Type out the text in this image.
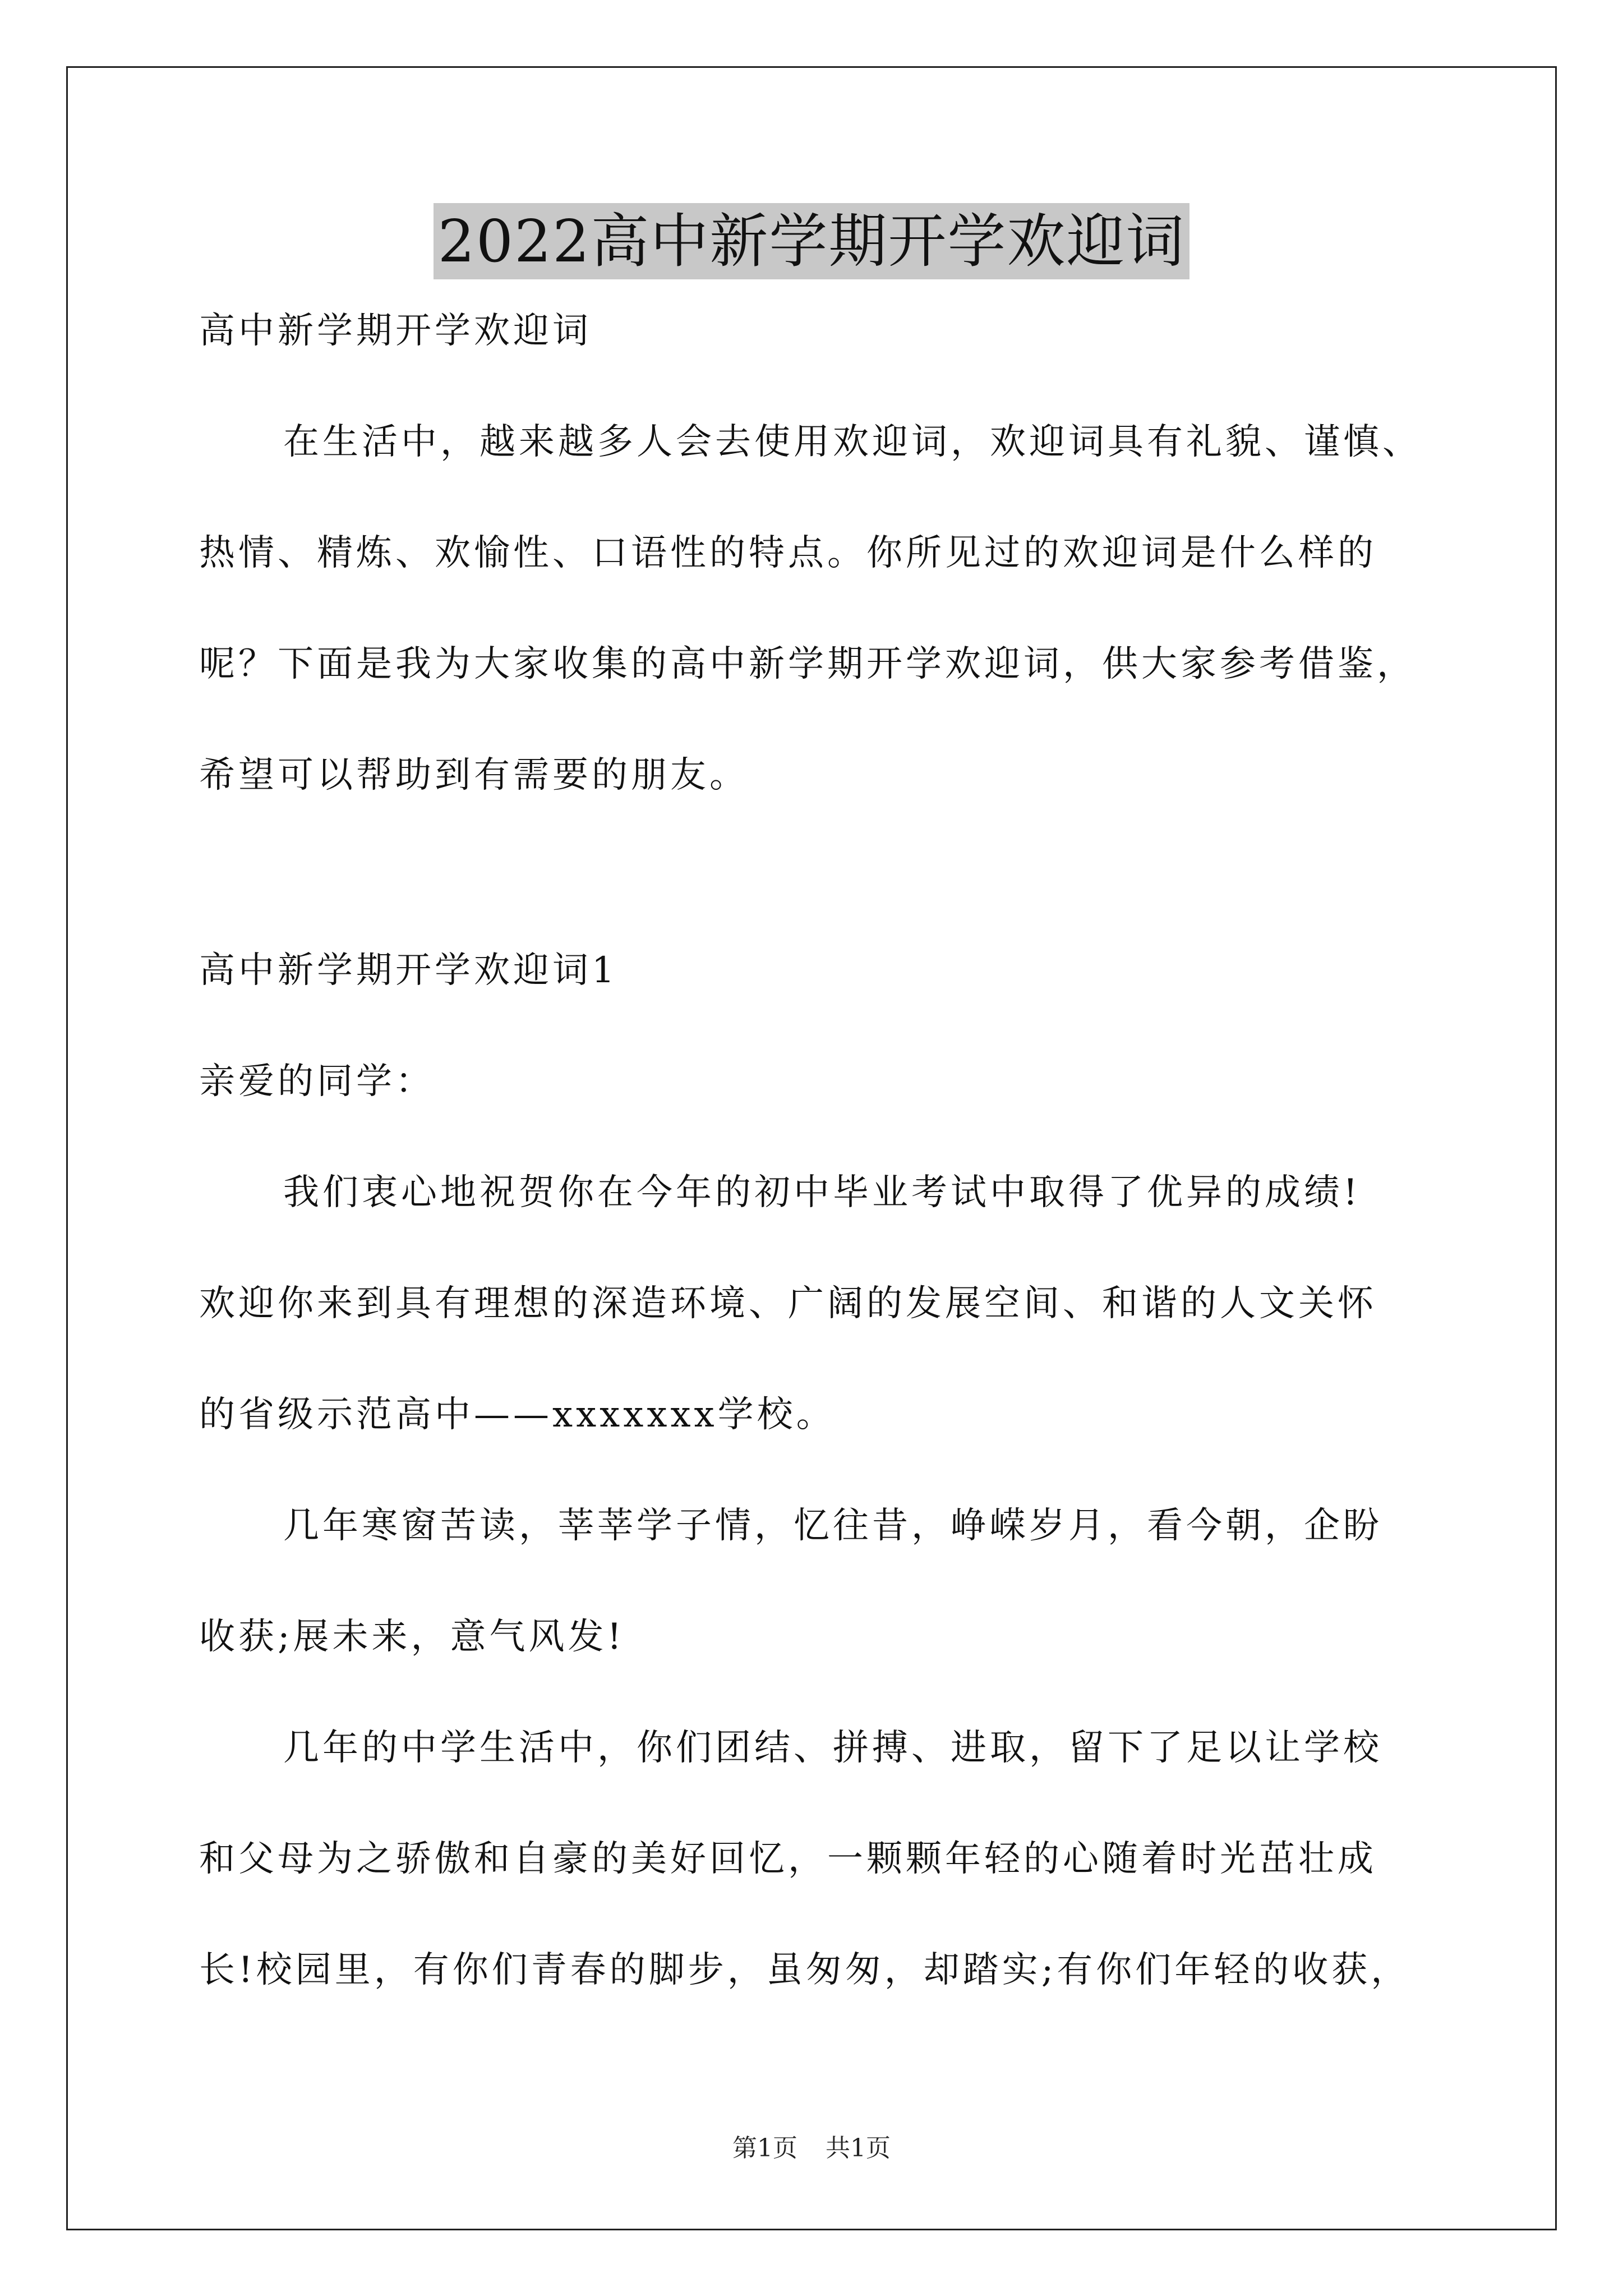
2022高中新学期开学欢迎词
高中新学期开学欢迎词
在生活中，越来越多人会去使用欢迎词，欢迎词具有礼貌、谨慎、
热情、精炼、欢愉性、口语性的特点。你所见过的欢迎词是什么样的
呢？下面是我为大家收集的高中新学期开学欢迎词，供大家参考借鉴，
希望可以帮助到有需要的朋友。
高中新学期开学欢迎词1
亲爱的同学：
我们衷心地祝贺你在今年的初中毕业考试中取得了优异的成绩!
欢迎你来到具有理想的深造环境、广阔的发展空间、和谐的人文关怀
的省级示范高中——xxxxxxx学校。
几年寒窗苦读，莘莘学子情，忆往昔，峥嵘岁月，看今朝，企盼
收获;展未来，意气风发!
几年的中学生活中，你们团结、拼搏、进取，留下了足以让学校
和父母为之骄傲和自豪的美好回忆，一颗颗年轻的心随着时光茁壮成
长!校园里，有你们青春的脚步，虽匆匆，却踏实;有你们年轻的收获，
第1页 共1页
